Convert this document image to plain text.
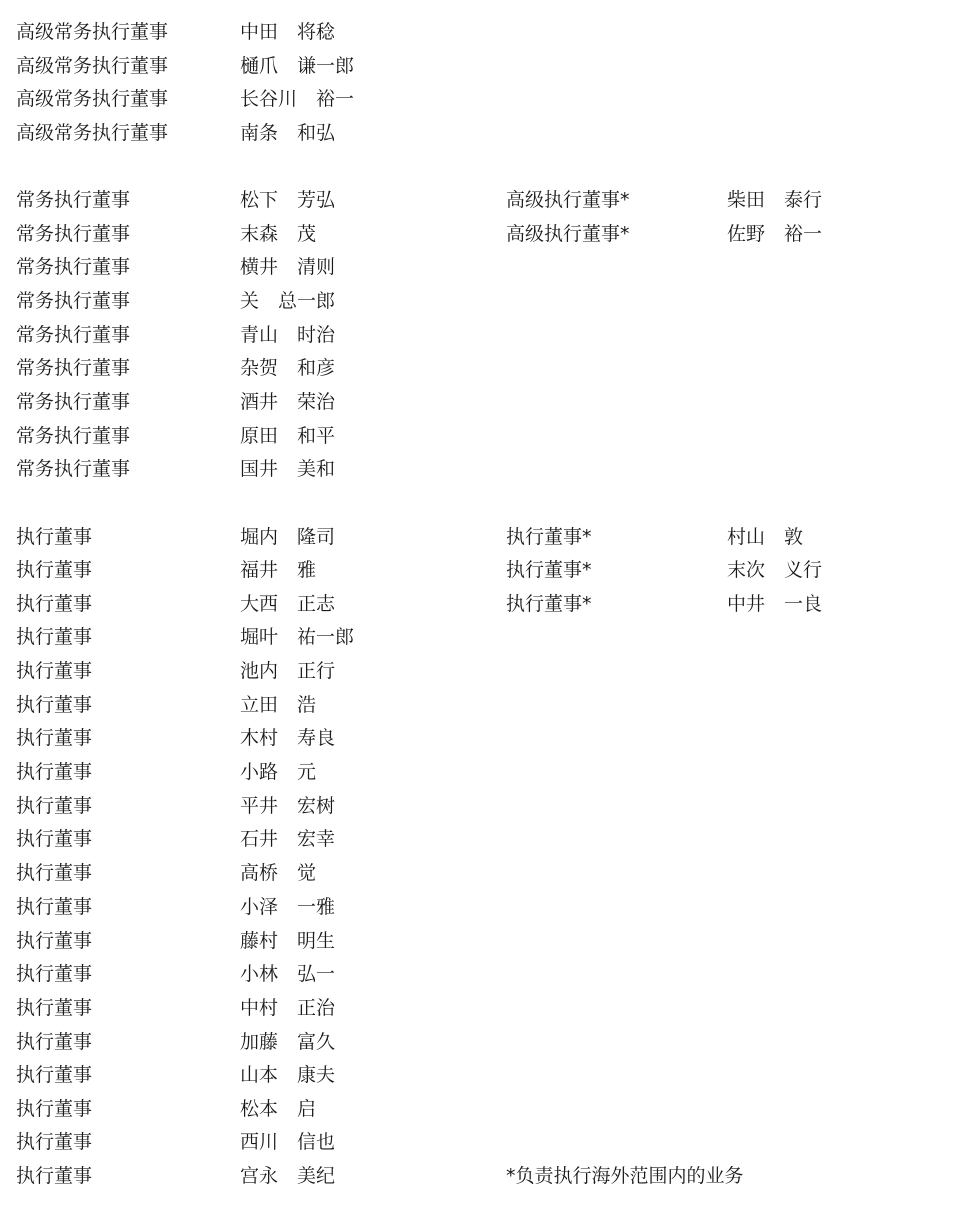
高级常务执行董事	中田　将稔
高级常务执行董事	樋爪　谦一郎
高级常务执行董事	长谷川　裕一
高级常务执行董事	南条　和弘
常务执行董事	松下　芳弘	高级执行董事*	柴田　泰行
常务执行董事	末森　茂	高级执行董事*	佐野　裕一
常务执行董事	横井　清则
常务执行董事	关　总一郎
常务执行董事	青山　时治
常务执行董事	杂贺　和彦
常务执行董事	酒井　荣治
常务执行董事	原田　和平
常务执行董事	国井　美和
执行董事	堀内　隆司	执行董事*	村山　敦
执行董事	福井　雅	执行董事*	末次　义行
执行董事	大西　正志	执行董事*	中井　一良
执行董事	堀叶　祐一郎
执行董事	池内　正行
执行董事	立田　浩
执行董事	木村　寿良
执行董事	小路　元
执行董事	平井　宏树
执行董事	石井　宏幸
执行董事	高桥　觉
执行董事	小泽　一雅
执行董事	藤村　明生
执行董事	小林　弘一
执行董事	中村　正治
执行董事	加藤　富久
执行董事	山本　康夫
执行董事	松本　启
执行董事	西川　信也
执行董事	宫永　美纪	*负责执行海外范围内的业务
